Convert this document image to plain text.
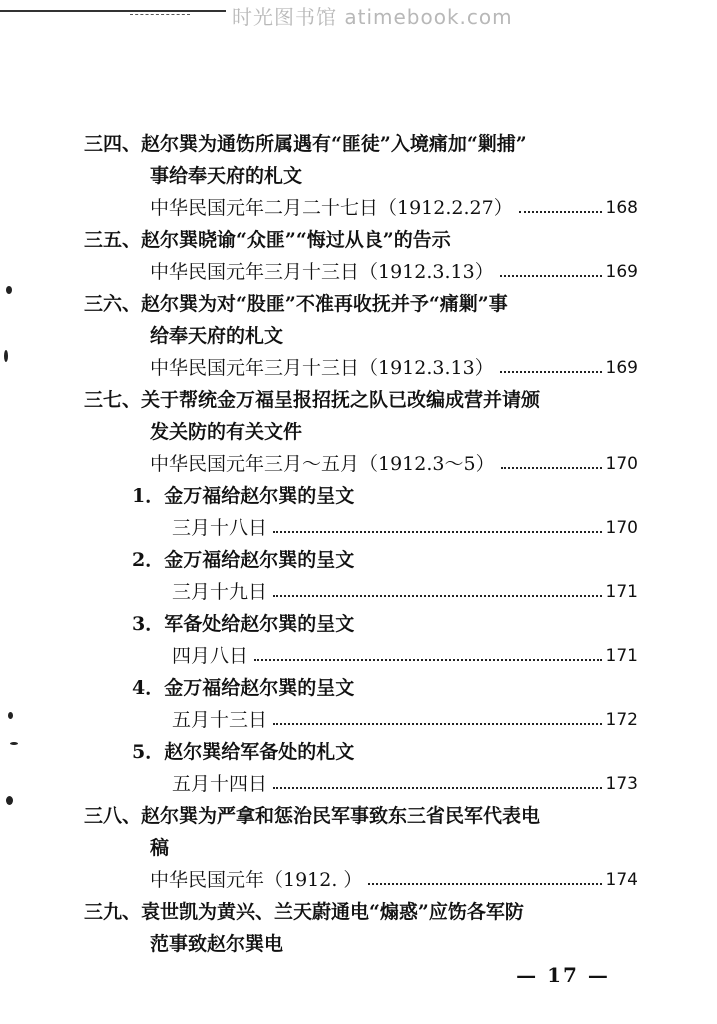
时光图书馆 atimebook.com
三四、赵尔巽为通饬所属遇有“匪徒”入境痛加“剿捕”
事给奉天府的札文
中华民国元年二月二十七日（1912.2.27）	168
三五、赵尔巽晓谕“众匪”“悔过从良”的告示
中华民国元年三月十三日（1912.3.13）	169
三六、赵尔巽为对“股匪”不准再收抚并予“痛剿”事
给奉天府的札文
中华民国元年三月十三日（1912.3.13）	169
三七、关于帮统金万福呈报招抚之队已改编成营并请颁
发关防的有关文件
中华民国元年三月～五月（1912.3～5）	170
1．金万福给赵尔巽的呈文
三月十八日	170
2．金万福给赵尔巽的呈文
三月十九日	171
3．军备处给赵尔巽的呈文
四月八日	171
4．金万福给赵尔巽的呈文
五月十三日	172
5．赵尔巽给军备处的札文
五月十四日	173
三八、赵尔巽为严拿和惩治民军事致东三省民军代表电
稿
中华民国元年（1912. ）	174
三九、袁世凯为黄兴、兰天蔚通电“煽惑”应饬各军防
范事致赵尔巽电
— 17 —
